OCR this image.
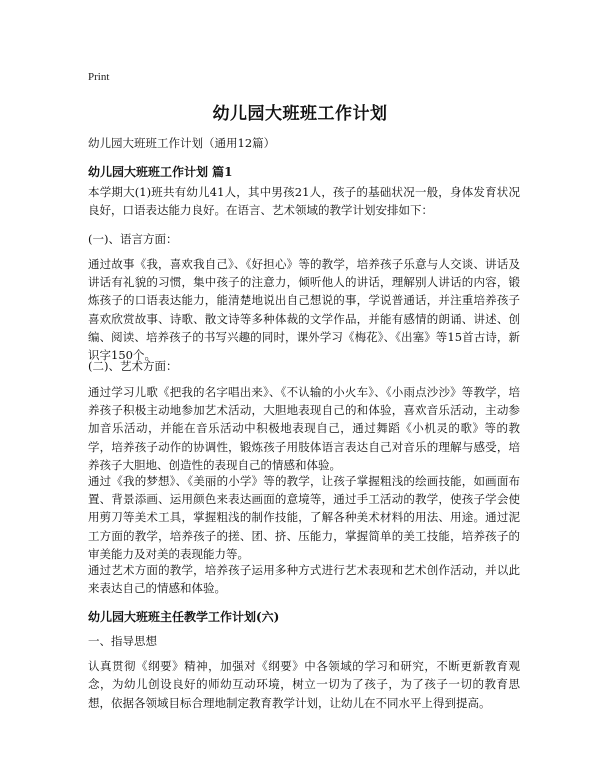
Print
幼儿园大班班工作计划
幼儿园大班班工作计划（通用12篇）
幼儿园大班班工作计划 篇1
本学期大(1)班共有幼儿41人，其中男孩21人，孩子的基础状况一般，身体发育状况良好，口语表达能力良好。在语言、艺术领域的教学计划安排如下：
(一)、语言方面：
通过故事《我，喜欢我自己》、《好担心》等的教学，培养孩子乐意与人交谈、讲话及讲话有礼貌的习惯，集中孩子的注意力，倾听他人的讲话，理解别人讲话的内容，锻炼孩子的口语表达能力，能清楚地说出自己想说的事，学说普通话，并注重培养孩子喜欢欣赏故事、诗歌、散文诗等多种体裁的文学作品，并能有感情的朗诵、讲述、创编、阅读、培养孩子的书写兴趣的同时，课外学习《梅花》、《出塞》等15首古诗，新识字150个。
(二)、艺术方面：
通过学习儿歌《把我的名字唱出来》、《不认输的小火车》、《小雨点沙沙》等教学，培养孩子积极主动地参加艺术活动，大胆地表现自己的和体验，喜欢音乐活动，主动参加音乐活动，并能在音乐活动中积极地表现自己，通过舞蹈《小机灵的歌》等的教学，培养孩子动作的协调性，锻炼孩子用肢体语言表达自己对音乐的理解与感受，培养孩子大胆地、创造性的表现自己的情感和体验。
通过《我的梦想》、《美丽的小学》等的教学，让孩子掌握粗浅的绘画技能，如画面布置、背景添画、运用颜色来表达画面的意境等，通过手工活动的教学，使孩子学会使用剪刀等美术工具，掌握粗浅的制作技能，了解各种美术材料的用法、用途。通过泥工方面的教学，培养孩子的搓、团、挤、压能力，掌握简单的美工技能，培养孩子的审美能力及对美的表现能力等。
通过艺术方面的教学，培养孩子运用多种方式进行艺术表现和艺术创作活动，并以此来表达自己的情感和体验。
幼儿园大班班主任教学工作计划(六)
一、指导思想
认真贯彻《纲要》精神，加强对《纲要》中各领域的学习和研究，不断更新教育观念，为幼儿创设良好的师幼互动环境，树立一切为了孩子，为了孩子一切的教育思想，依据各领域目标合理地制定教育教学计划，让幼儿在不同水平上得到提高。
